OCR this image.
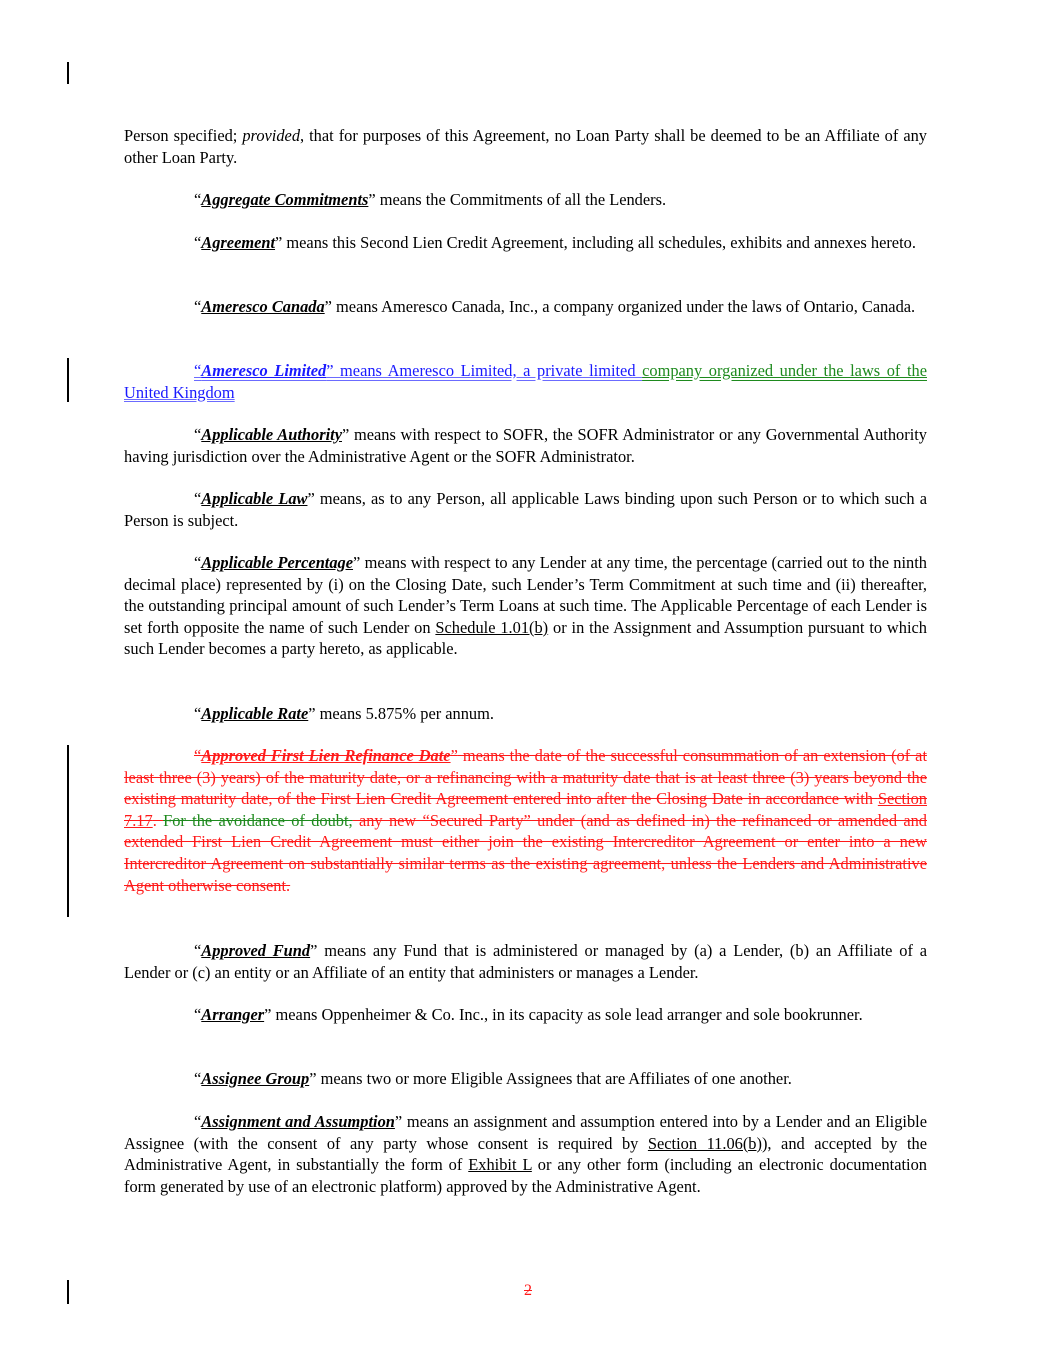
Person specified; provided, that for purposes of this Agreement, no Loan Party shall be deemed to be an Affiliate of any other Loan Party.

“Aggregate Commitments” means the Commitments of all the Lenders.

“Agreement” means this Second Lien Credit Agreement, including all schedules, exhibits and annexes hereto.

“Ameresco Canada” means Ameresco Canada, Inc., a company organized under the laws of Ontario, Canada.

“Ameresco Limited” means Ameresco Limited, a private limited company organized under the laws of the United Kingdom

“Applicable Authority” means with respect to SOFR, the SOFR Administrator or any Governmental Authority having jurisdiction over the Administrative Agent or the SOFR Administrator.

“Applicable Law” means, as to any Person, all applicable Laws binding upon such Person or to which such a Person is subject.

“Applicable Percentage” means with respect to any Lender at any time, the percentage (carried out to the ninth decimal place) represented by (i) on the Closing Date, such Lender’s Term Commitment at such time and (ii) thereafter, the outstanding principal amount of such Lender’s Term Loans at such time. The Applicable Percentage of each Lender is set forth opposite the name of such Lender on Schedule 1.01(b) or in the Assignment and Assumption pursuant to which such Lender becomes a party hereto, as applicable.

“Applicable Rate” means 5.875% per annum.

“Approved First Lien Refinance Date” means the date of the successful consummation of an extension (of at least three (3) years) of the maturity date, or a refinancing with a maturity date that is at least three (3) years beyond the existing maturity date, of the First Lien Credit Agreement entered into after the Closing Date in accordance with Section 7.17. For the avoidance of doubt, any new “Secured Party” under (and as defined in) the refinanced or amended and extended First Lien Credit Agreement must either join the existing Intercreditor Agreement or enter into a new Intercreditor Agreement on substantially similar terms as the existing agreement, unless the Lenders and Administrative Agent otherwise consent.

“Approved Fund” means any Fund that is administered or managed by (a) a Lender, (b) an Affiliate of a Lender or (c) an entity or an Affiliate of an entity that administers or manages a Lender.

“Arranger” means Oppenheimer & Co. Inc., in its capacity as sole lead arranger and sole bookrunner.

“Assignee Group” means two or more Eligible Assignees that are Affiliates of one another.

“Assignment and Assumption” means an assignment and assumption entered into by a Lender and an Eligible Assignee (with the consent of any party whose consent is required by Section 11.06(b)), and accepted by the Administrative Agent, in substantially the form of Exhibit L or any other form (including an electronic documentation form generated by use of an electronic platform) approved by the Administrative Agent.

2
